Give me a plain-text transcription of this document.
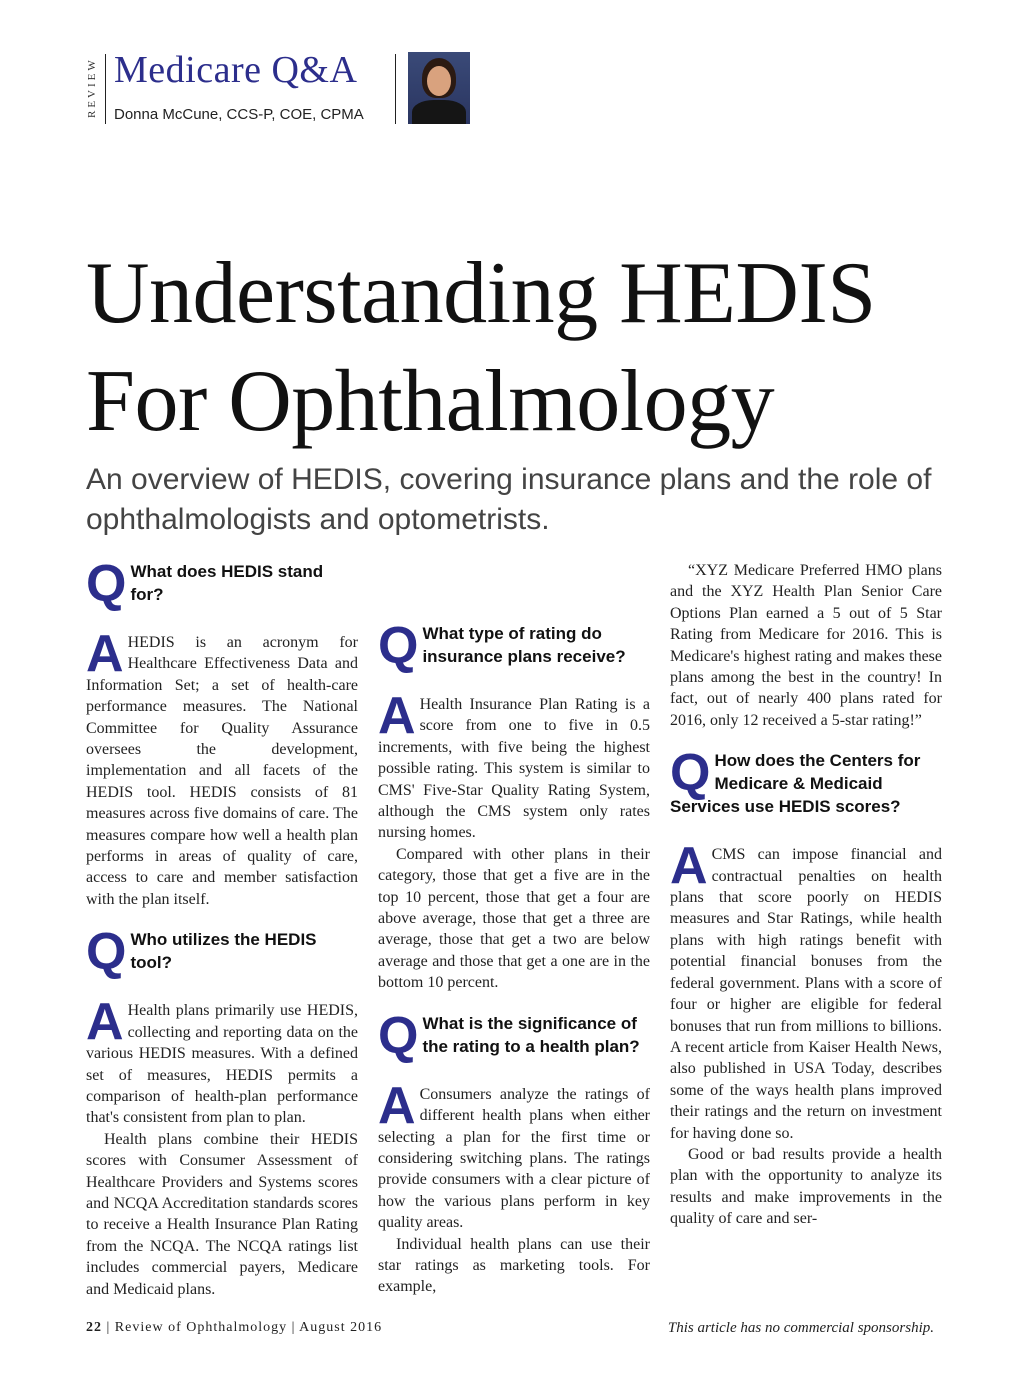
REVIEW Medicare Q&A
Donna McCune, CCS-P, COE, CPMA
Understanding HEDIS
For Ophthalmology
An overview of HEDIS, covering insurance plans and the role of ophthalmologists and optometrists.
Q What does HEDIS stand for?

AHEDIS is an acronym for Healthcare Effectiveness Data and Information Set; a set of health-care performance measures. The National Committee for Quality Assurance oversees the development, implementation and all facets of the HEDIS tool. HEDIS consists of 81 measures across five domains of care. The measures compare how well a health plan performs in areas of quality of care, access to care and member satisfaction with the plan itself.

Q Who utilizes the HEDIS tool?

A Health plans primarily use HEDIS, collecting and reporting data on the various HEDIS measures. With a defined set of measures, HEDIS permits a comparison of health-plan performance that's consistent from plan to plan.

Health plans combine their HEDIS scores with Consumer Assessment of Healthcare Providers and Systems scores and NCQA Accreditation standards scores to receive a Health Insurance Plan Rating from the NCQA. The NCQA ratings list includes commercial payers, Medicare and Medicaid plans.

Q What type of rating do insurance plans receive?

A Health Insurance Plan Rating is a score from one to five in 0.5 increments, with five being the highest possible rating. This system is similar to CMS' Five-Star Quality Rating System, although the CMS system only rates nursing homes.

Compared with other plans in their category, those that get a five are in the top 10 percent, those that get a four are above average, those that get a three are average, those that get a two are below average and those that get a one are in the bottom 10 percent.

Q What is the significance of the rating to a health plan?

A Consumers analyze the ratings of different health plans when either selecting a plan for the first time or considering switching plans. The ratings provide consumers with a clear picture of how the various plans perform in key quality areas.

Individual health plans can use their star ratings as marketing tools. For example,

“XYZ Medicare Preferred HMO plans and the XYZ Health Plan Senior Care Options Plan earned a 5 out of 5 Star Rating from Medicare for 2016. This is Medicare's highest rating and makes these plans among the best in the country! In fact, out of nearly 400 plans rated for 2016, only 12 received a 5-star rating!”

Q How does the Centers for Medicare & Medicaid Services use HEDIS scores?

ACMS can impose financial and contractual penalties on health plans that score poorly on HEDIS measures and Star Ratings, while health plans with high ratings benefit with potential financial bonuses from the federal government. Plans with a score of four or higher are eligible for federal bonuses that run from millions to billions. A recent article from Kaiser Health News, also published in USA Today, describes some of the ways health plans improved their ratings and the return on investment for having done so.

Good or bad results provide a health plan with the opportunity to analyze its results and make improvements in the quality of care and ser-

22 | Review of Ophthalmology | August 2016	This article has no commercial sponsorship.
